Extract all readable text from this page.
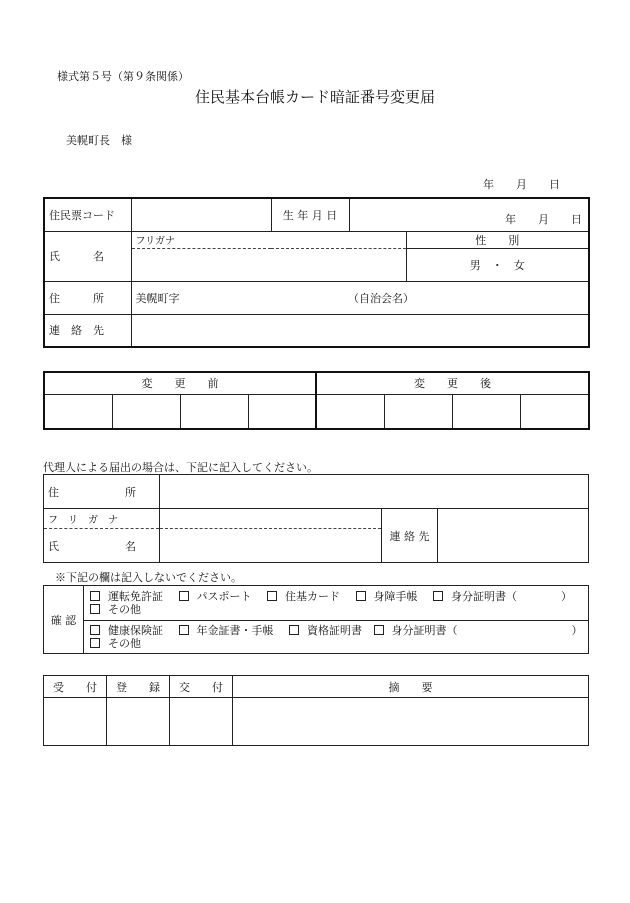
様式第５号（第９条関係）
住民基本台帳カード暗証番号変更届
美幌町長　様
年　　月　　日
住民票コード		生 年 月 日	年　　月　　日	
氏　　　名	フリガナ			性　　別
				男　・　女
住　　　所	美幌町字 （自治会名）			
連　絡　先				
変　　更　　前				変　　更　　後			

代理人による届出の場合は、下記に記入してください。
住　　　　　　所			
フ　リ　ガ　ナ		連 絡 先	
氏　　　　　　名			
※下記の欄は記入しないでください。
確 認	運転免許証	パスポート	住基カード	身障手帳	身分証明書（　　　　）
その他
健康保険証	年金証書・手帳	資格証明書	身分証明書（	）

その他
受　　付	登　　録	交　　付	摘　　要
